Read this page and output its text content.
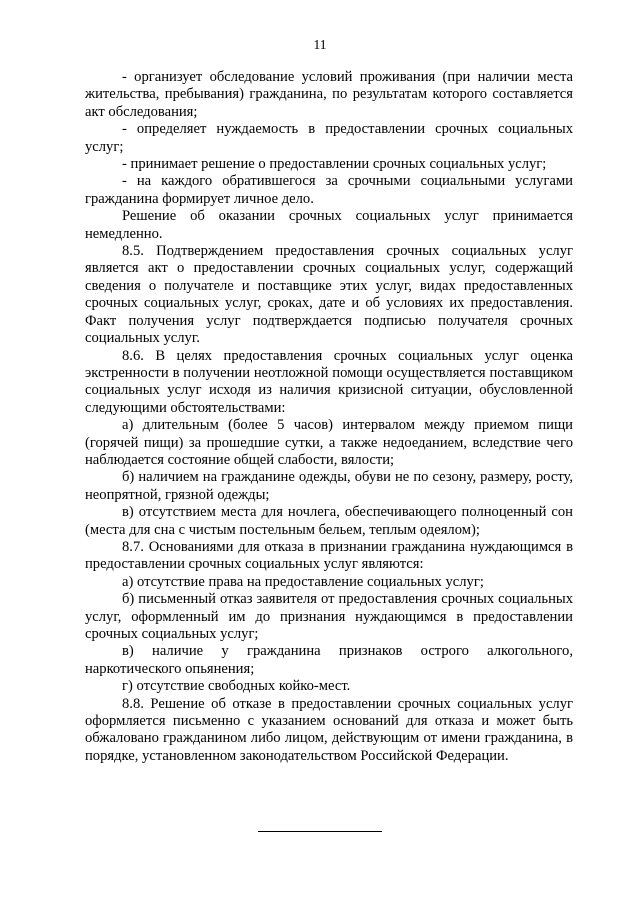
11

- организует обследование условий проживания (при наличии места жительства, пребывания) гражданина, по результатам которого составляется акт обследования;

- определяет нуждаемость в предоставлении срочных социальных услуг;

- принимает решение о предоставлении срочных социальных услуг;

- на каждого обратившегося за срочными социальными услугами гражданина формирует личное дело.

Решение об оказании срочных социальных услуг принимается немедленно.

8.5. Подтверждением предоставления срочных социальных услуг является акт о предоставлении срочных социальных услуг, содержащий сведения о получателе и поставщике этих услуг, видах предоставленных срочных социальных услуг, сроках, дате и об условиях их предоставления. Факт получения услуг подтверждается подписью получателя срочных социальных услуг.

8.6. В целях предоставления срочных социальных услуг оценка экстренности в получении неотложной помощи осуществляется поставщиком социальных услуг исходя из наличия кризисной ситуации, обусловленной следующими обстоятельствами:

а) длительным (более 5 часов) интервалом между приемом пищи (горячей пищи) за прошедшие сутки, а также недоеданием, вследствие чего наблюдается состояние общей слабости, вялости;

б) наличием на гражданине одежды, обуви не по сезону, размеру, росту, неопрятной, грязной одежды;

в) отсутствием места для ночлега, обеспечивающего полноценный сон (места для сна с чистым постельным бельем, теплым одеялом);

8.7. Основаниями для отказа в признании гражданина нуждающимся в предоставлении срочных социальных услуг являются:

а) отсутствие права на предоставление социальных услуг;

б) письменный отказ заявителя от предоставления срочных социальных услуг, оформленный им до признания нуждающимся в предоставлении срочных социальных услуг;

в) наличие у гражданина признаков острого алкогольного, наркотического опьянения;

г) отсутствие свободных койко-мест.

8.8. Решение об отказе в предоставлении срочных социальных услуг оформляется письменно с указанием оснований для отказа и может быть обжаловано гражданином либо лицом, действующим от имени гражданина, в порядке, установленном законодательством Российской Федерации.
